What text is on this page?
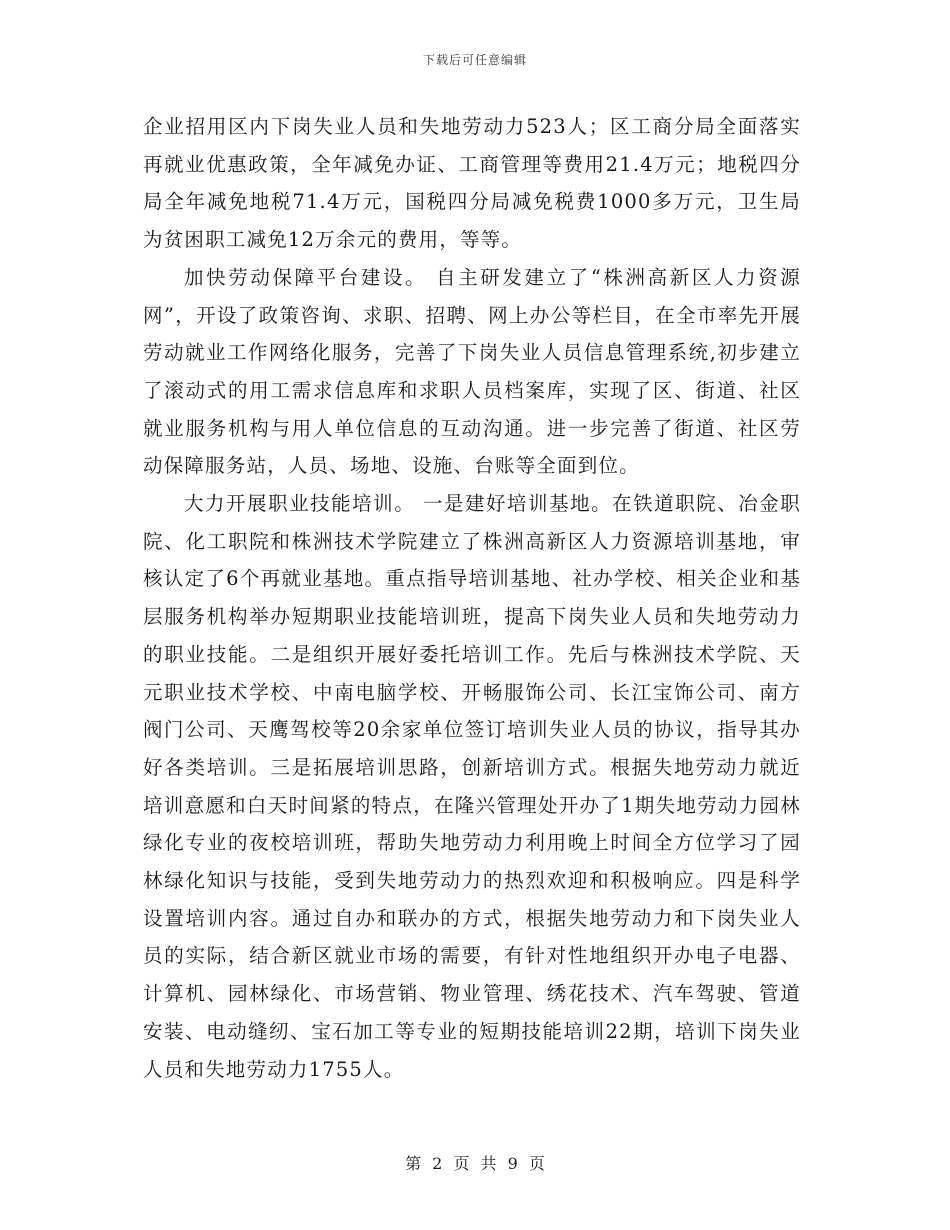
下载后可任意编辑

企业招用区内下岗失业人员和失地劳动力523人；区工商分局全面落实再就业优惠政策，全年减免办证、工商管理等费用21.4万元；地税四分局全年减免地税71.4万元，国税四分局减免税费1000多万元，卫生局为贫困职工减免12万余元的费用，等等。

加快劳动保障平台建设。 自主研发建立了“株洲高新区人力资源网”，开设了政策咨询、求职、招聘、网上办公等栏目，在全市率先开展劳动就业工作网络化服务，完善了下岗失业人员信息管理系统,初步建立了滚动式的用工需求信息库和求职人员档案库，实现了区、街道、社区就业服务机构与用人单位信息的互动沟通。进一步完善了街道、社区劳动保障服务站，人员、场地、设施、台账等全面到位。

大力开展职业技能培训。 一是建好培训基地。在铁道职院、冶金职院、化工职院和株洲技术学院建立了株洲高新区人力资源培训基地，审核认定了6个再就业基地。重点指导培训基地、社办学校、相关企业和基层服务机构举办短期职业技能培训班，提高下岗失业人员和失地劳动力的职业技能。二是组织开展好委托培训工作。先后与株洲技术学院、天元职业技术学校、中南电脑学校、开畅服饰公司、长江宝饰公司、南方阀门公司、天鹰驾校等20余家单位签订培训失业人员的协议，指导其办好各类培训。三是拓展培训思路，创新培训方式。根据失地劳动力就近培训意愿和白天时间紧的特点，在隆兴管理处开办了1期失地劳动力园林绿化专业的夜校培训班，帮助失地劳动力利用晚上时间全方位学习了园林绿化知识与技能，受到失地劳动力的热烈欢迎和积极响应。四是科学设置培训内容。通过自办和联办的方式，根据失地劳动力和下岗失业人员的实际，结合新区就业市场的需要，有针对性地组织开办电子电器、计算机、园林绿化、市场营销、物业管理、绣花技术、汽车驾驶、管道安装、电动缝纫、宝石加工等专业的短期技能培训22期，培训下岗失业人员和失地劳动力1755人。

第 2 页 共 9 页
